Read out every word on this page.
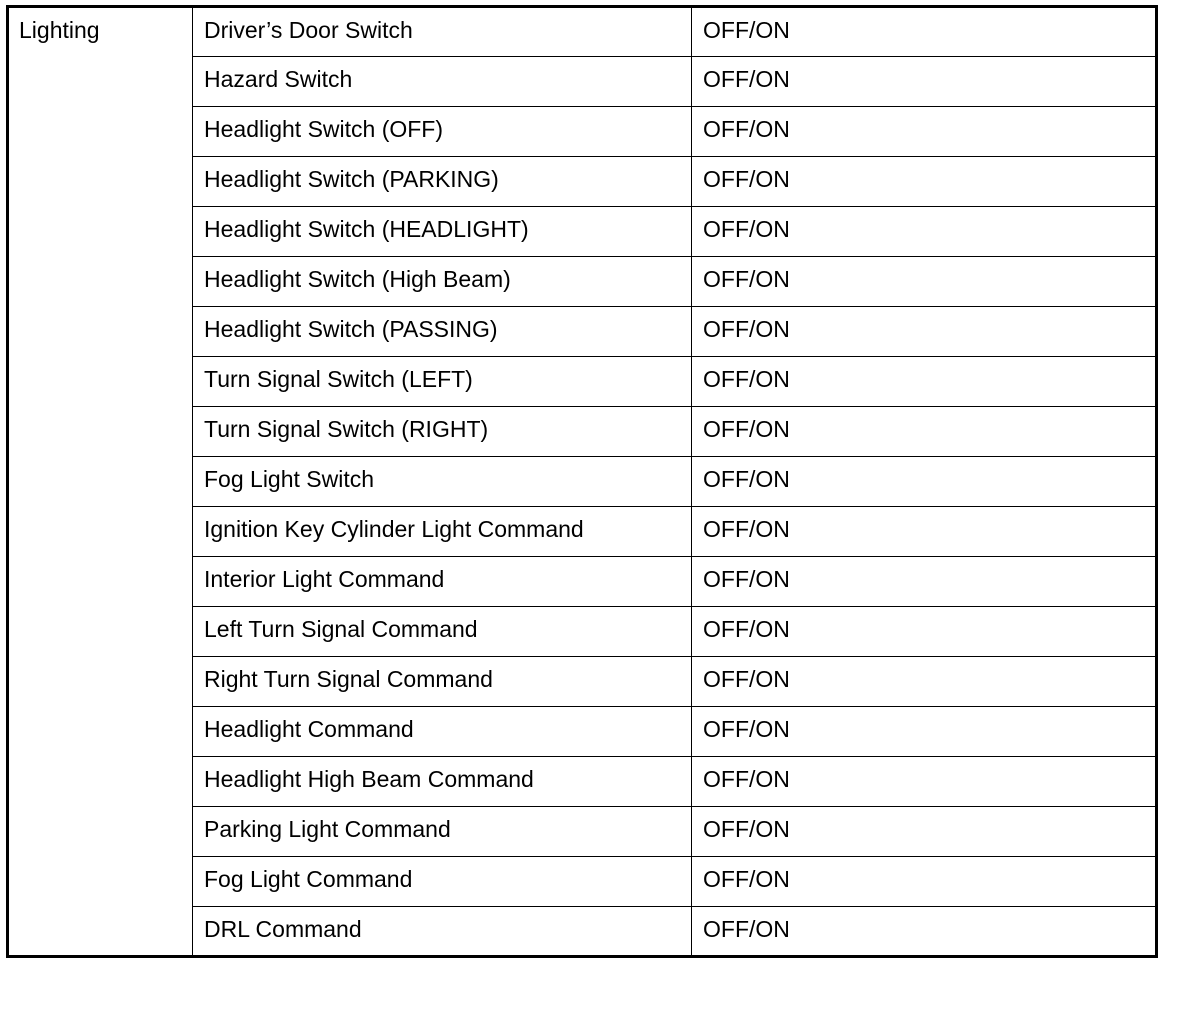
Lighting	Driver’s Door Switch	OFF/ON
	Hazard Switch	OFF/ON
	Headlight Switch (OFF)	OFF/ON
	Headlight Switch (PARKING)	OFF/ON
	Headlight Switch (HEADLIGHT)	OFF/ON
	Headlight Switch (High Beam)	OFF/ON
	Headlight Switch (PASSING)	OFF/ON
	Turn Signal Switch (LEFT)	OFF/ON
	Turn Signal Switch (RIGHT)	OFF/ON
	Fog Light Switch	OFF/ON
	Ignition Key Cylinder Light Command	OFF/ON
	Interior Light Command	OFF/ON
	Left Turn Signal Command	OFF/ON
	Right Turn Signal Command	OFF/ON
	Headlight Command	OFF/ON
	Headlight High Beam Command	OFF/ON
	Parking Light Command	OFF/ON
	Fog Light Command	OFF/ON
	DRL Command	OFF/ON
